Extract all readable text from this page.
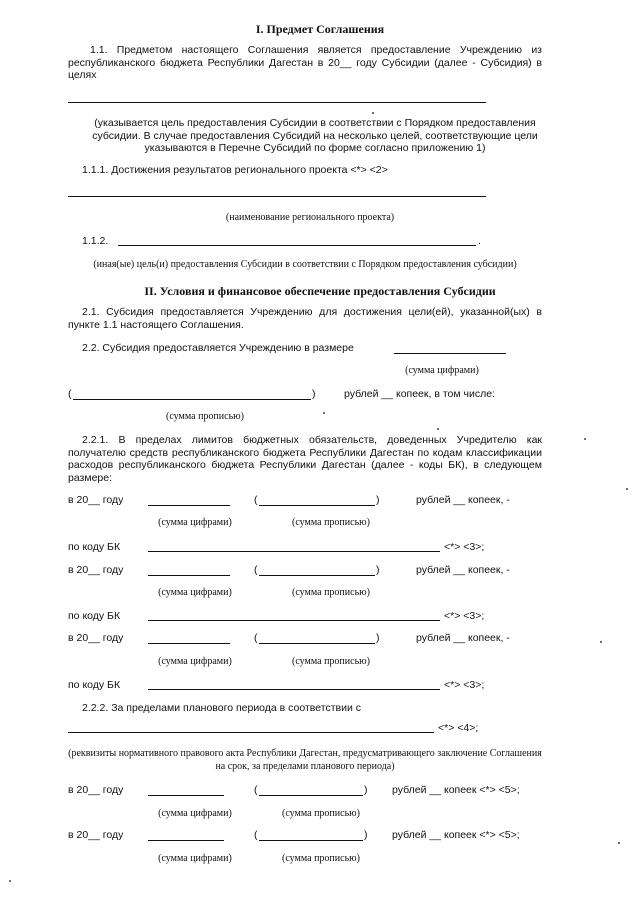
I. Предмет Соглашения
1.1. Предметом настоящего Соглашения является предоставление Учреждению из республиканского бюджета Республики Дагестан в 20__ году Субсидии (далее - Субсидия) в целях
(указывается цель предоставления Субсидии в соответствии с Порядком предоставления субсидии. В случае предоставления Субсидий на несколько целей, соответствующие цели указываются в Перечне Субсидий по форме согласно приложению 1)
1.1.1. Достижения результатов регионального проекта <*> <2>
(наименование регионального проекта)
1.1.2.	.
(иная(ые) цель(и) предоставления Субсидии в соответствии с Порядком предоставления субсидии)
II. Условия и финансовое обеспечение предоставления Субсидии
2.1. Субсидия предоставляется Учреждению для достижения цели(ей), указанной(ых) в пункте 1.1 настоящего Соглашения.
2.2. Субсидия предоставляется Учреждению в размере
(сумма цифрами)
(	)	рублей __ копеек, в том числе:
(сумма прописью)
2.2.1. В пределах лимитов бюджетных обязательств, доведенных Учредителю как получателю средств республиканского бюджета Республики Дагестан по кодам классификации расходов республиканского бюджета Республики Дагестан (далее - коды БК), в следующем размере:
в 20__ году	(	)	рублей __ копеек, -
(сумма цифрами)	(сумма прописью)
по коду БК	<*> <3>;
в 20__ году	(	)	рублей __ копеек, -
(сумма цифрами)	(сумма прописью)
по коду БК	<*> <3>;
в 20__ году	(	)	рублей __ копеек, -
(сумма цифрами)	(сумма прописью)
по коду БК	<*> <3>;
2.2.2. За пределами планового периода в соответствии с
<*> <4>;
(реквизиты нормативного правового акта Республики Дагестан, предусматривающего заключение Соглашения на срок, за пределами планового периода)
в 20__ году	(	) рублей __ копеек <*> <5>;
(сумма цифрами)	(сумма прописью)
в 20__ году	(	) рублей __ копеек <*> <5>;
(сумма цифрами)	(сумма прописью)
